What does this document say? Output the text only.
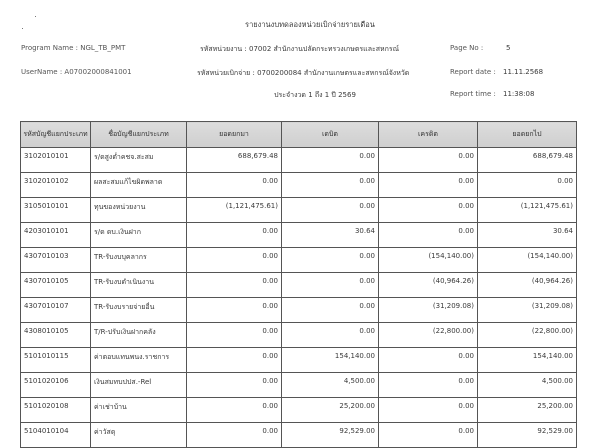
รายงานงบทดลองหน่วยเบิกจ่ายรายเดือน
รหัสหน่วยงาน : 07002 สำนักงานปลัดกระทรวงเกษตรและสหกรณ์
รหัสหน่วยเบิกจ่าย : 0700200084 สำนักงานเกษตรและสหกรณ์จังหวัด
ประจำงวด 1 ถึง 1 ปี 2569
Program Name : NGL_TB_PMT
UserName : A07002000841001
Page No :	5
Report date : 11.11.2568
Report time : 11:38:08
รหัสบัญชีแยกประเภท	ชื่อบัญชีแยกประเภท	ยอดยกมา	เดบิต	เครดิต	ยอดยกไป
3102010101	ร/ดสูงต่ำคชจ.สะสม	688,679.48	0.00	0.00	688,679.48
3102010102	ผลสะสมแก้ไขผิดพลาด	0.00	0.00	0.00	0.00
3105010101	ทุนของหน่วยงาน	(1,121,475.61)	0.00	0.00	(1,121,475.61)
4203010101	ร/ด ดบ.เงินฝาก	0.00	30.64	0.00	30.64
4307010103	TR-รับงบบุคลากร	0.00	0.00	(154,140.00)	(154,140.00)
4307010105	TR-รับงบดำเนินงาน	0.00	0.00	(40,964.26)	(40,964.26)
4307010107	TR-รับงบรายจ่ายอื่น	0.00	0.00	(31,209.08)	(31,209.08)
4308010105	T/R-ปรับเงินฝากคลัง	0.00	0.00	(22,800.00)	(22,800.00)
5101010115	ค่าตอบแทนพนง.ราชการ	0.00	154,140.00	0.00	154,140.00
5101020106	เงินสมทบปปส.-Rel	0.00	4,500.00	0.00	4,500.00
5101020108	ค่าเช่าบ้าน	0.00	25,200.00	0.00	25,200.00
5104010104	ค่าวัสดุ	0.00	92,529.00	0.00	92,529.00
